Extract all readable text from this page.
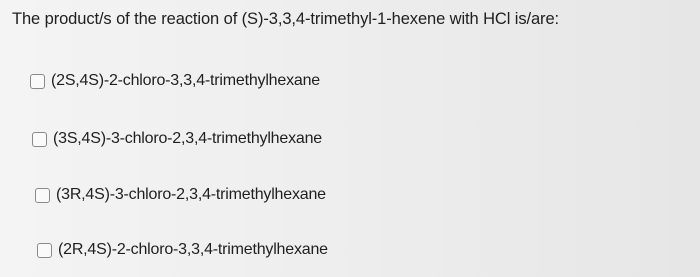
The product/s of the reaction of (S)-3,3,4-trimethyl-1-hexene with HCl is/are:
(2S,4S)-2-chloro-3,3,4-trimethylhexane
(3S,4S)-3-chloro-2,3,4-trimethylhexane
(3R,4S)-3-chloro-2,3,4-trimethylhexane
(2R,4S)-2-chloro-3,3,4-trimethylhexane
